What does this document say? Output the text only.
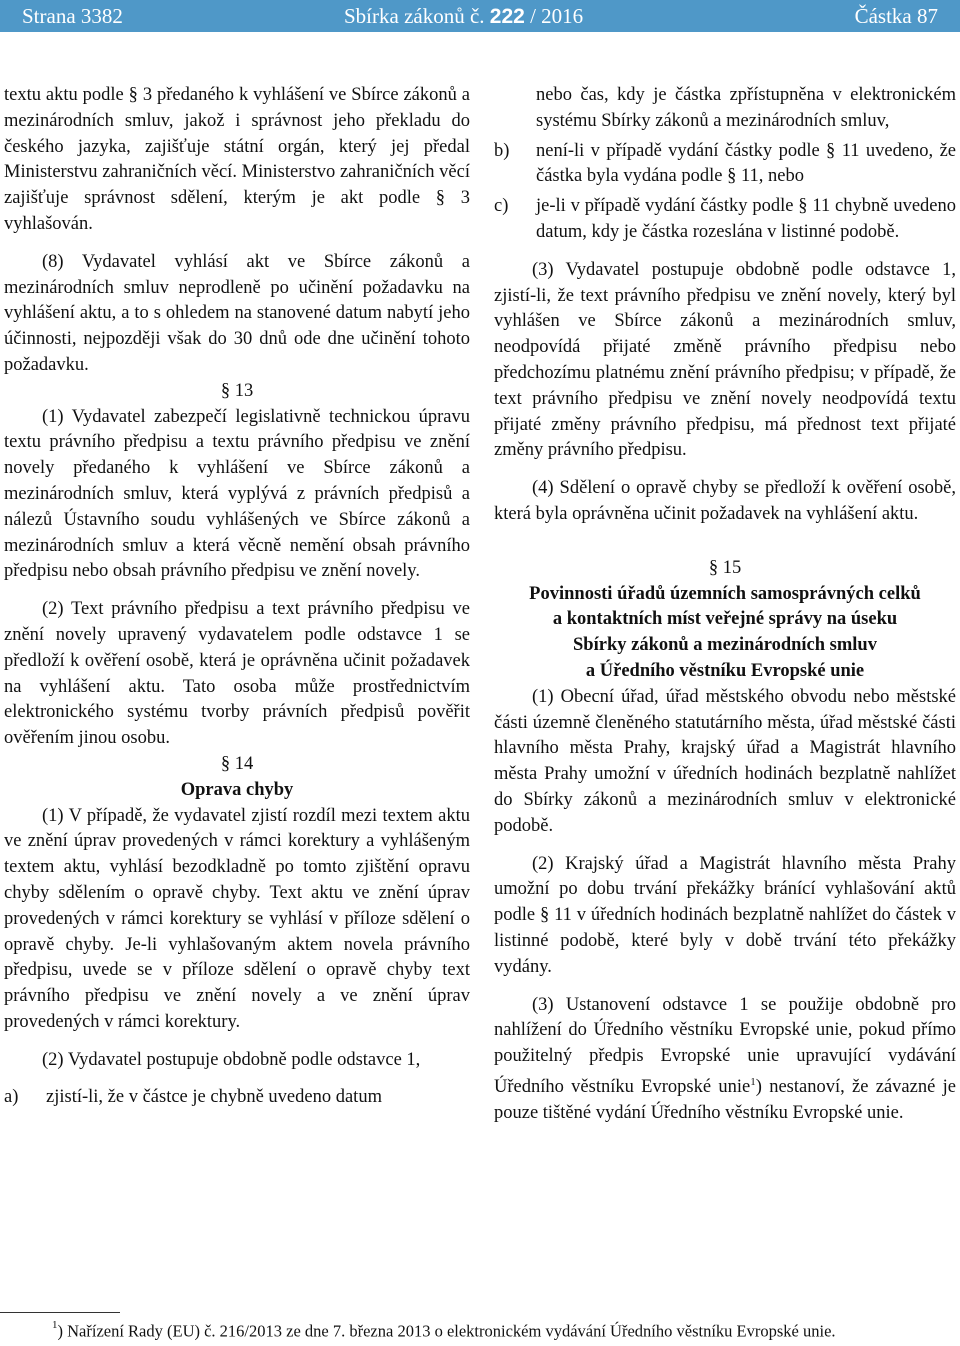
Strana 3382	Sbírka zákonů č. 222 / 2016	Částka 87

textu aktu podle § 3 předaného k vyhlášení ve Sbírce zákonů a mezinárodních smluv, jakož i správnost jeho překladu do českého jazyka, zajišťuje státní orgán, který jej předal Ministerstvu zahraničních věcí. Ministerstvo zahraničních věcí zajišťuje správnost sdělení, kterým je akt podle § 3 vyhlašován.

(8) Vydavatel vyhlásí akt ve Sbírce zákonů a mezinárodních smluv neprodleně po učinění požadavku na vyhlášení aktu, a to s ohledem na stanovené datum nabytí jeho účinnosti, nejpozději však do 30 dnů ode dne učinění tohoto požadavku.

§ 13

(1) Vydavatel zabezpečí legislativně technickou úpravu textu právního předpisu a textu právního předpisu ve znění novely předaného k vyhlášení ve Sbírce zákonů a mezinárodních smluv, která vyplývá z právních předpisů a nálezů Ústavního soudu vyhlášených ve Sbírce zákonů a mezinárodních smluv a která věcně nemění obsah právního předpisu nebo obsah právního předpisu ve znění novely.

(2) Text právního předpisu a text právního předpisu ve znění novely upravený vydavatelem podle odstavce 1 se předloží k ověření osobě, která je oprávněna učinit požadavek na vyhlášení aktu. Tato osoba může prostřednictvím elektronického systému tvorby právních předpisů pověřit ověřením jinou osobu.

§ 14

Oprava chyby

(1) V případě, že vydavatel zjistí rozdíl mezi textem aktu ve znění úprav provedených v rámci korektury a vyhlášeným textem aktu, vyhlásí bezodkladně po tomto zjištění opravu chyby sdělením o opravě chyby. Text aktu ve znění úprav provedených v rámci korektury se vyhlásí v příloze sdělení o opravě chyby. Je-li vyhlašovaným aktem novela právního předpisu, uvede se v příloze sdělení o opravě chyby text právního předpisu ve znění novely a ve znění úprav provedených v rámci korektury.

(2) Vydavatel postupuje obdobně podle odstavce 1,

a)	zjistí-li, že v částce je chybně uvedeno datum
nebo čas, kdy je částka zpřístupněna v elektronickém systému Sbírky zákonů a mezinárodních smluv,
b)	není-li v případě vydání částky podle § 11 uvedeno, že částka byla vydána podle § 11, nebo
c)	je-li v případě vydání částky podle § 11 chybně uvedeno datum, kdy je částka rozeslána v listinné podobě.

(3) Vydavatel postupuje obdobně podle odstavce 1, zjistí-li, že text právního předpisu ve znění novely, který byl vyhlášen ve Sbírce zákonů a mezinárodních smluv, neodpovídá přijaté změně právního předpisu nebo předchozímu platnému znění právního předpisu; v případě, že text právního předpisu ve znění novely neodpovídá textu přijaté změny právního předpisu, má přednost text přijaté změny právního předpisu.

(4) Sdělení o opravě chyby se předloží k ověření osobě, která byla oprávněna učinit požadavek na vyhlášení aktu.

§ 15

Povinnosti úřadů územních samosprávných celků

a kontaktních míst veřejné správy na úseku

Sbírky zákonů a mezinárodních smluv

a Úředního věstníku Evropské unie

(1) Obecní úřad, úřad městského obvodu nebo městské části územně členěného statutárního města, úřad městské části hlavního města Prahy, krajský úřad a Magistrát hlavního města Prahy umožní v úředních hodinách bezplatně nahlížet do Sbírky zákonů a mezinárodních smluv v elektronické podobě.

(2) Krajský úřad a Magistrát hlavního města Prahy umožní po dobu trvání překážky bránící vyhlašování aktů podle § 11 v úředních hodinách bezplatně nahlížet do částek v listinné podobě, které byly v době trvání této překážky vydány.

(3) Ustanovení odstavce 1 se použije obdobně pro nahlížení do Úředního věstníku Evropské unie, pokud přímo použitelný předpis Evropské unie upravující vydávání Úředního věstníku Evropské unie$^1$) nestanoví, že závazné je pouze tištěné vydání Úředního věstníku Evropské unie.

$^1$) Nařízení Rady (EU) č. 216/2013 ze dne 7. března 2013 o elektronickém vydávání Úředního věstníku Evropské unie.
